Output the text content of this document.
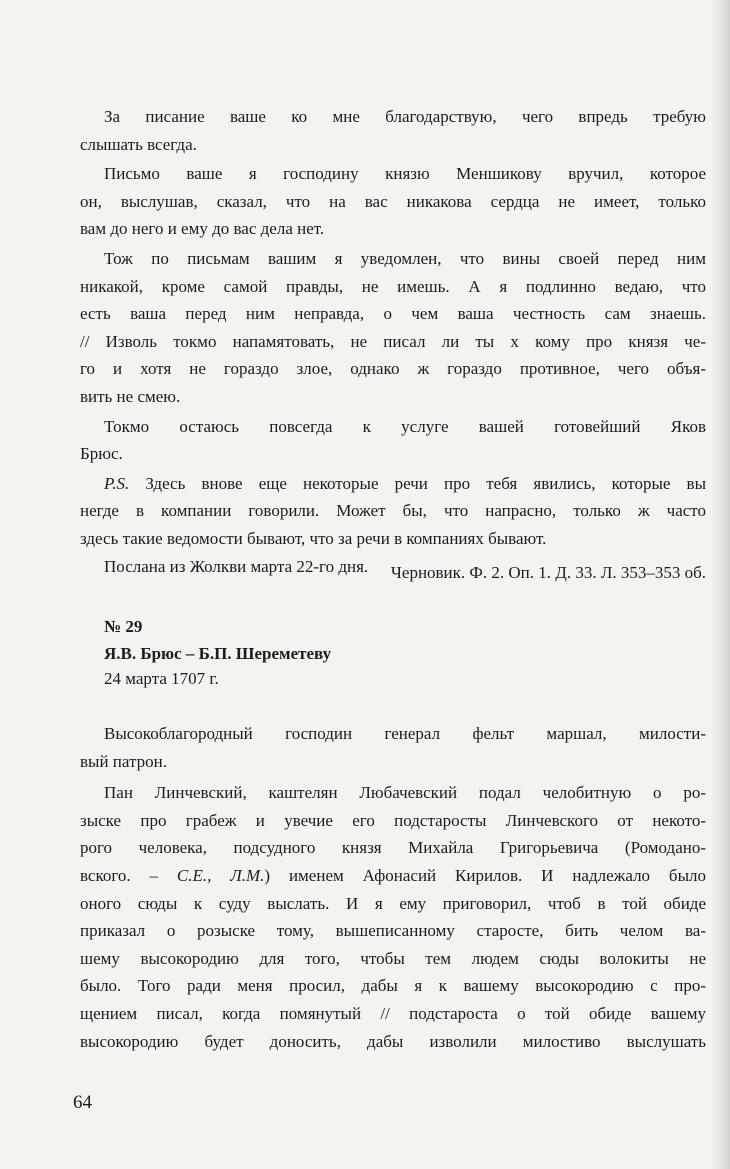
За писание ваше ко мне благодарствую, чего впредь требую
слышать всегда.

Письмо ваше я господину князю Меншикову вручил, которое
он, выслушав, сказал, что на вас никакова сердца не имеет, только
вам до него и ему до вас дела нет.

Тож по письмам вашим я уведомлен, что вины своей перед ним
никакой, кроме самой правды, не имешь. А я подлинно ведаю, что
есть ваша перед ним неправда, о чем ваша честность сам знаешь.
// Изволь токмо напамятовать, не писал ли ты х кому про князя че-
го и хотя не гораздо злое, однако ж гораздо противное, чего объя-
вить не смею.

Токмо остаюсь повсегда к услуге вашей готовейший Яков
Брюс.

P.S. Здесь внове еще некоторые речи про тебя явились, которые вы
негде в компании говорили. Может бы, что напрасно, только ж часто
здесь такие ведомости бывают, что за речи в компаниях бывают.

Послана из Жолкви марта 22-го дня.	Черновик. Ф. 2. Оп. 1. Д. 33. Л. 353–353 об.
№ 29
Я.В. Брюс – Б.П. Шереметеву
24 марта 1707 г.

Высокоблагородный господин генерал фельт маршал, милости-
вый патрон.

Пан Линчевский, каштелян Любачевский подал челобитную о ро-
зыске про грабеж и увечие его подстаросты Линчевского от некото-
рого человека, подсудного князя Михайла Григорьевича (Ромодано-
вского. – С.Е., Л.М.) именем Афонасий Кирилов. И надлежало было
оного сюды к суду выслать. И я ему приговорил, чтоб в той обиде
приказал о розыске тому, вышеписанному старосте, бить челом ва-
шему высокородию для того, чтобы тем людем сюды волокиты не
было. Того ради меня просил, дабы я к вашему высокородию с про-
щением писал, когда помянутый // подстароста о той обиде вашему
высокородию будет доносить, дабы изволили милостиво выслушать

64
